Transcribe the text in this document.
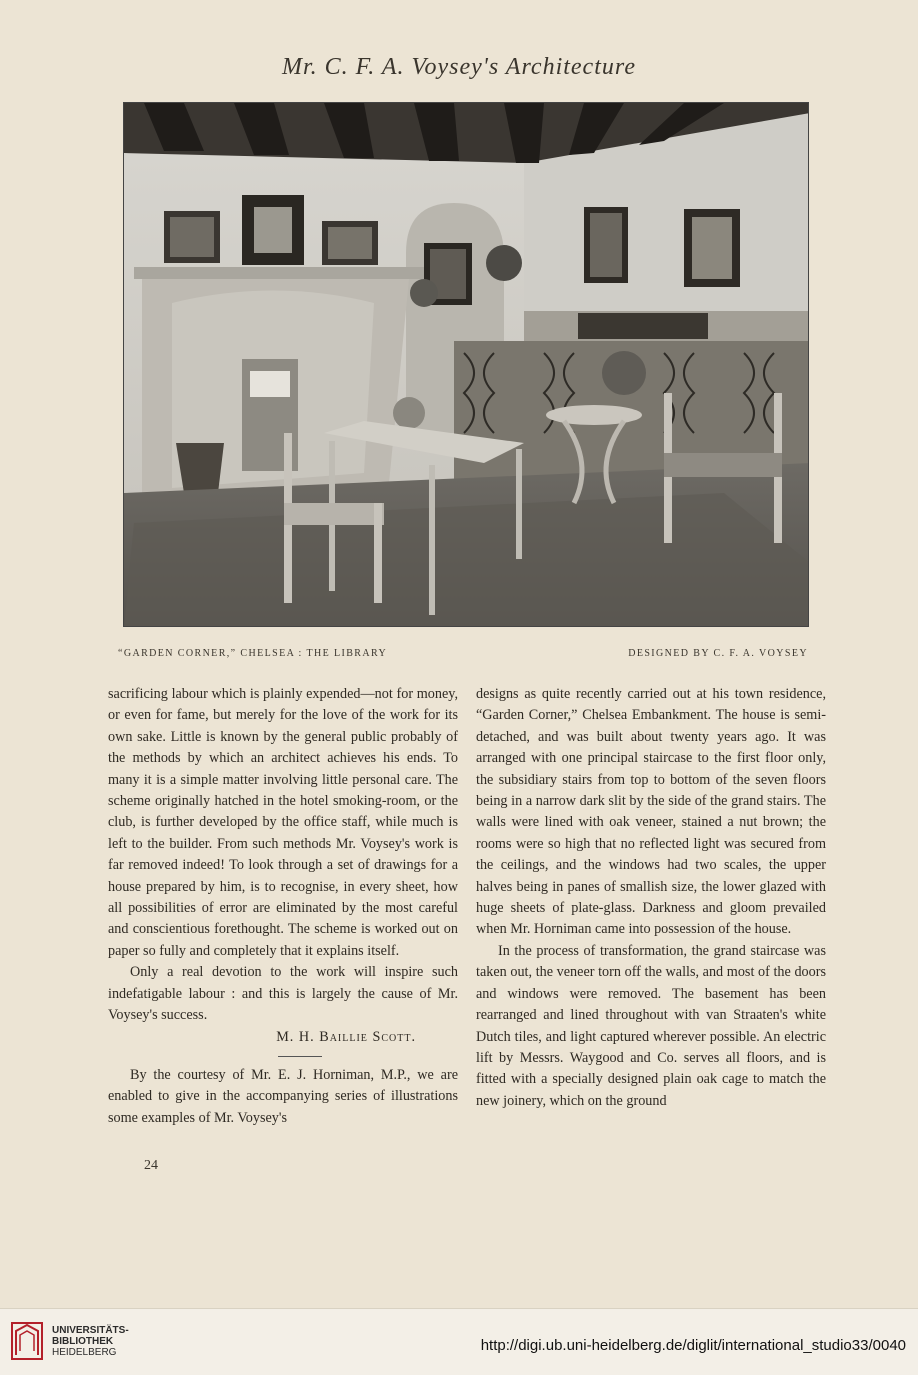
Mr. C. F. A. Voysey's Architecture
“GARDEN CORNER,” CHELSEA : THE LIBRARY	DESIGNED BY C. F. A. VOYSEY

sacrificing labour which is plainly expended—not for money, or even for fame, but merely for the love of the work for its own sake. Little is known by the general public probably of the methods by which an architect achieves his ends. To many it is a simple matter involving little personal care. The scheme originally hatched in the hotel smoking-room, or the club, is further developed by the office staff, while much is left to the builder. From such methods Mr. Voysey's work is far removed indeed! To look through a set of drawings for a house prepared by him, is to recognise, in every sheet, how all possibilities of error are eliminated by the most careful and conscientious forethought. The scheme is worked out on paper so fully and completely that it explains itself.

Only a real devotion to the work will inspire such indefatigable labour : and this is largely the cause of Mr. Voysey's success.

M. H. Baillie Scott.

By the courtesy of Mr. E. J. Horniman, M.P., we are enabled to give in the accompanying series of illustrations some examples of Mr. Voysey's

designs as quite recently carried out at his town residence, “Garden Corner,” Chelsea Embankment. The house is semi-detached, and was built about twenty years ago. It was arranged with one principal staircase to the first floor only, the subsidiary stairs from top to bottom of the seven floors being in a narrow dark slit by the side of the grand stairs. The walls were lined with oak veneer, stained a nut brown; the rooms were so high that no reflected light was secured from the ceilings, and the windows had two scales, the upper halves being in panes of smallish size, the lower glazed with huge sheets of plate-glass. Darkness and gloom prevailed when Mr. Horniman came into possession of the house.

In the process of transformation, the grand staircase was taken out, the veneer torn off the walls, and most of the doors and windows were removed. The basement has been rearranged and lined throughout with van Straaten's white Dutch tiles, and light captured wherever possible. An electric lift by Messrs. Waygood and Co. serves all floors, and is fitted with a specially designed plain oak cage to match the new joinery, which on the ground

24
UNIVERSITÄTS-
BIBLIOTHEK
HEIDELBERG	http://digi.ub.uni-heidelberg.de/diglit/international_studio33/0040
